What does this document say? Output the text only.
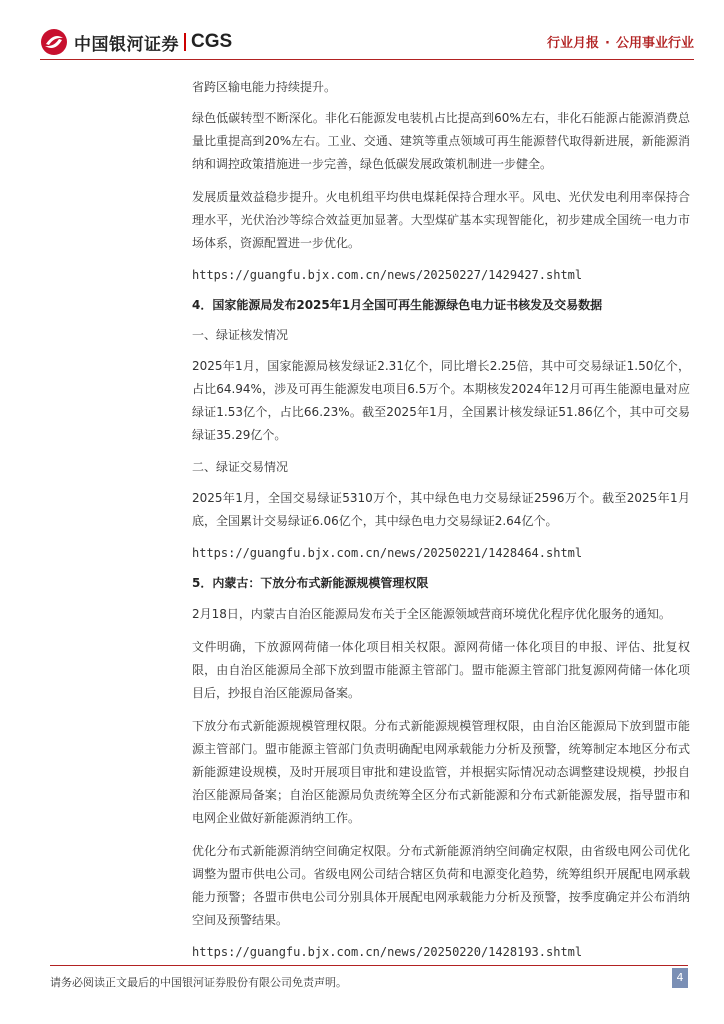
中国银河证券 CGS	行业月报 · 公用事业行业

省跨区输电能力持续提升。

绿色低碳转型不断深化。非化石能源发电装机占比提高到60%左右，非化石能源占能源消费总量比重提高到20%左右。工业、交通、建筑等重点领域可再生能源替代取得新进展，新能源消纳和调控政策措施进一步完善，绿色低碳发展政策机制进一步健全。

发展质量效益稳步提升。火电机组平均供电煤耗保持合理水平。风电、光伏发电利用率保持合理水平，光伏治沙等综合效益更加显著。大型煤矿基本实现智能化，初步建成全国统一电力市场体系，资源配置进一步优化。

https://guangfu.bjx.com.cn/news/20250227/1429427.shtml

4．国家能源局发布2025年1月全国可再生能源绿色电力证书核发及交易数据

一、绿证核发情况

2025年1月，国家能源局核发绿证2.31亿个，同比增长2.25倍，其中可交易绿证1.50亿个，占比64.94%，涉及可再生能源发电项目6.5万个。本期核发2024年12月可再生能源电量对应绿证1.53亿个，占比66.23%。截至2025年1月，全国累计核发绿证51.86亿个，其中可交易绿证35.29亿个。

二、绿证交易情况

2025年1月，全国交易绿证5310万个，其中绿色电力交易绿证2596万个。截至2025年1月底，全国累计交易绿证6.06亿个，其中绿色电力交易绿证2.64亿个。

https://guangfu.bjx.com.cn/news/20250221/1428464.shtml

5．内蒙古：下放分布式新能源规模管理权限

2月18日，内蒙古自治区能源局发布关于全区能源领域营商环境优化程序优化服务的通知。

文件明确，下放源网荷储一体化项目相关权限。源网荷储一体化项目的申报、评估、批复权限，由自治区能源局全部下放到盟市能源主管部门。盟市能源主管部门批复源网荷储一体化项目后，抄报自治区能源局备案。

下放分布式新能源规模管理权限。分布式新能源规模管理权限，由自治区能源局下放到盟市能源主管部门。盟市能源主管部门负责明确配电网承载能力分析及预警，统筹制定本地区分布式新能源建设规模，及时开展项目审批和建设监管，并根据实际情况动态调整建设规模，抄报自治区能源局备案；自治区能源局负责统筹全区分布式新能源和分布式新能源发展，指导盟市和电网企业做好新能源消纳工作。

优化分布式新能源消纳空间确定权限。分布式新能源消纳空间确定权限，由省级电网公司优化调整为盟市供电公司。省级电网公司结合辖区负荷和电源变化趋势，统筹组织开展配电网承载能力预警；各盟市供电公司分别具体开展配电网承载能力分析及预警，按季度确定并公布消纳空间及预警结果。

https://guangfu.bjx.com.cn/news/20250220/1428193.shtml

请务必阅读正文最后的中国银河证券股份有限公司免责声明。	4
